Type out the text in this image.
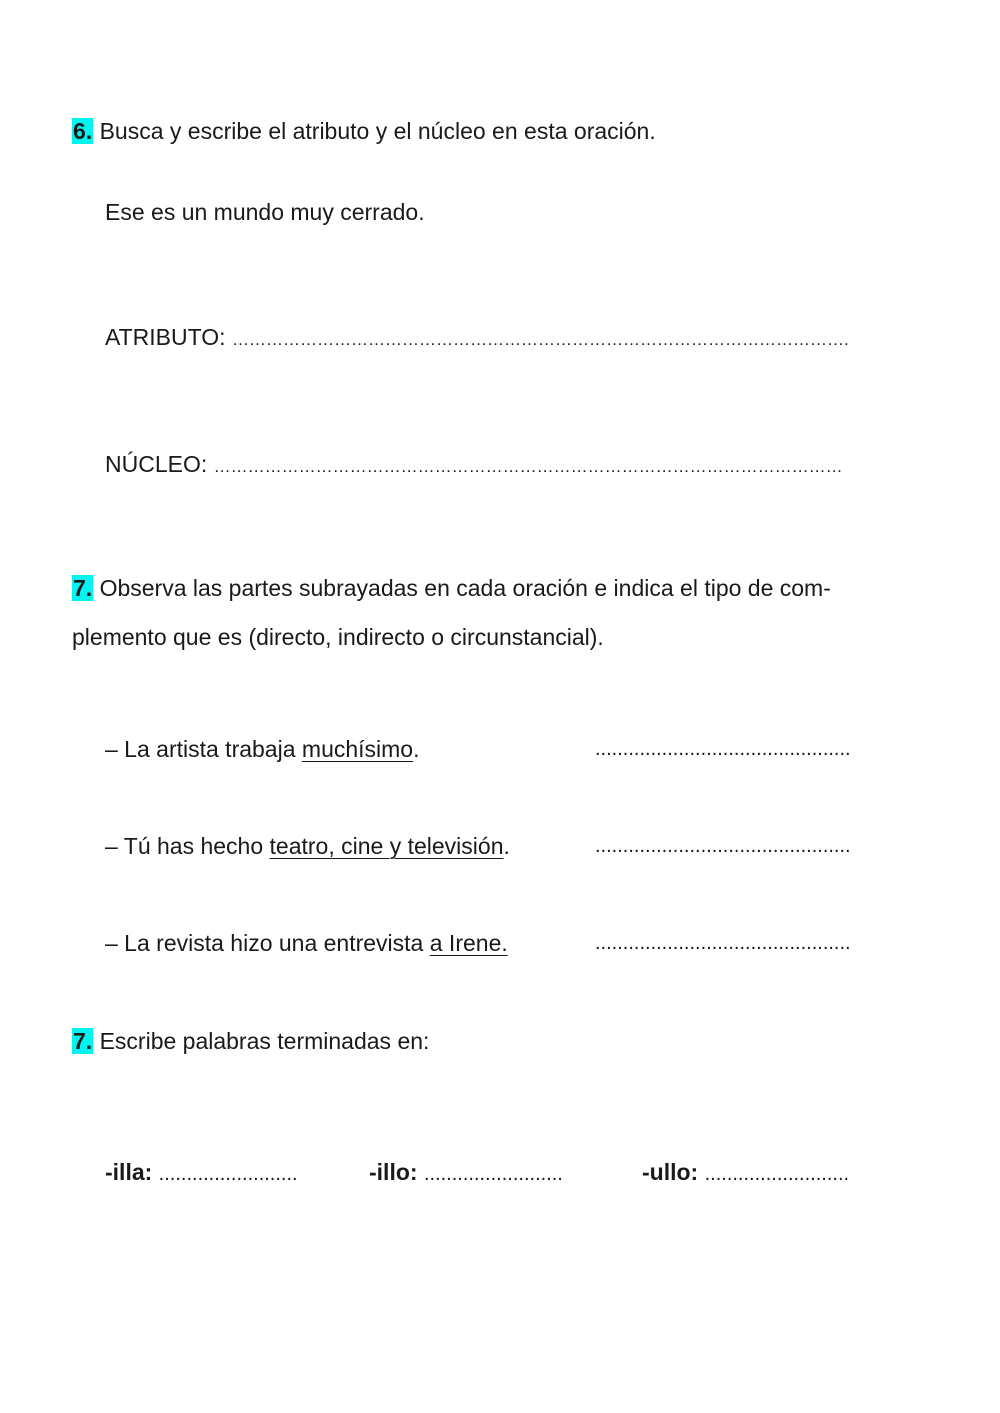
6. Busca y escribe el atributo y el núcleo en esta oración.
Ese es un mundo muy cerrado.
ATRIBUTO: ……………………………………………………………………………………………….
NÚCLEO: …………………………………………………………………………………………………
7. Observa las partes subrayadas en cada oración e indica el tipo de com-
plemento que es (directo, indirecto o circunstancial).
– La artista trabaja muchísimo.	..............................................
– Tú has hecho teatro, cine y televisión.	..............................................
– La revista hizo una entrevista a Irene.	..............................................
7. Escribe palabras terminadas en:
-illa: .........................	-illo: .........................	-ullo: ..........................
